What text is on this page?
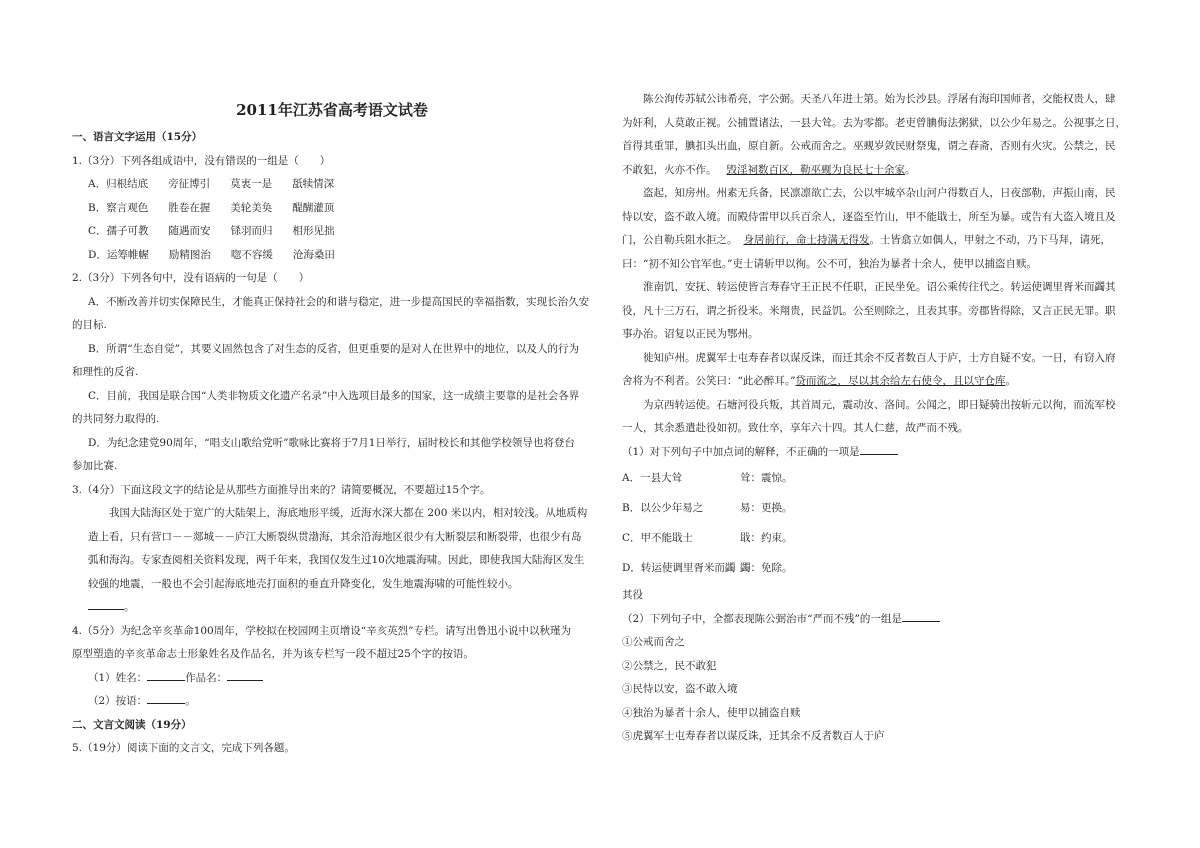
2011年江苏省高考语文试卷
一、语言文字运用（15分）
1.（3分）下列各组成语中，没有错误的一组是（　　）
A．归根结底 旁征博引 莫衷一是 舐犊情深
B．察言观色 胜卷在握 美轮美奂 醍醐灌顶
C．孺子可教 随遇而安 铩羽而归 相形见拙
D．运筹帷幄 励精图治 唿不容缓 沧海桑田
2.（3分）下列各句中，没有语病的一句是（　　）
A．不断改善并切实保障民生，才能真正保持社会的和谐与稳定，进一步提高国民的幸福指数，实现长治久安
的目标.
B．所谓“生态自觉”，其要义固然包含了对生态的反省，但更重要的是对人在世界中的地位，以及人的行为
和理性的反省.
C．目前，我国是联合国“人类非物质文化遗产名录”中入选项目最多的国家，这一成绩主要靠的是社会各界
的共同努力取得的.
D．为纪念建党90周年，“唱支山歌给党听”歌咏比赛将于7月1日举行，届时校长和其他学校领导也将登台
参加比赛.
3.（4分）下面这段文字的结论是从那些方面推导出来的？请简要概况，不要超过15个字。
我国大陆海区处于宽广的大陆架上，海底地形平缓，近海水深大都在 200 米以内，相对较浅。从地质构
造上看，只有营口－－郯城－－庐江大断裂纵贯渤海，其余沿海地区很少有大断裂层和断裂带，也很少有岛
弧和海沟。专家查阅相关资料发现，两千年来，我国仅发生过10次地震海啸。因此，即使我国大陆海区发生
较强的地震，一般也不会引起海底地壳打面积的垂直升降变化，发生地震海啸的可能性较小。
。
4.（5分）为纪念辛亥革命100周年，学校拟在校园网主页增设“辛亥英烈”专栏。请写出鲁迅小说中以秋瑾为
原型塑造的辛亥革命志士形象姓名及作品名，并为该专栏写一段不超过25个字的按语。
（1）姓名：	作品名：
（2）按语：	。
二、文言文阅读（19分）
5.（19分）阅读下面的文言文，完成下列各题。
陈公洵传苏轼公讳希亮，字公弼。天圣八年进士第。始为长沙县。浮屠有海印国师者，交能权贵人，肆
为奸利，人莫敢正视。公捕置诸法，一县大耸。去为零都。老吏曾腆侮法粥狱，以公少年易之。公视事之日，
首得其重罪，腆扣头出血，原自新。公戒而舍之。巫觋岁敛民财祭鬼，谓之春斋，否则有火灾。公禁之，民
不敢犯，火亦不作。 毁淫祠数百区，勒巫觋为良民七十余家。
盗起，知房州。州素无兵备，民凛凛欲亡去，公以牢城卒杂山河户得数百人，日夜部勒，声振山南，民
恃以安，盗不敢入境。而殿侍雷甲以兵百余人，逐盗至竹山，甲不能戢士，所至为暴。或告有大盗入境且及
门，公自勒兵阻水拒之。 身居前行，命士持满无得发。士皆翕立如偶人，甲射之不动，乃下马拜，请死，
曰：“初不知公官军也。”吏士请斩甲以徇。公不可，独治为暴者十余人，使甲以捕盗自赎。
淮南饥，安抚、转运使皆言寿春守王正民不任职，正民坐免。诏公乘传往代之。转运使调里胥米而蠲其
役，凡十三万石，谓之折役米。米翔贵，民益饥。公至则除之，且表其事。旁郡皆得除，又言正民无罪。职
事办治。诏复以正民为鄂州。
徙知庐州。虎翼军士屯寿春者以谋反诛，而迁其余不反者数百人于庐，士方自疑不安。一日，有窃入府
舍将为不利者。公笑曰：“此必醉耳。”贷而流之，尽以其余给左右使令，且以守仓库。
为京西转运使。石塘河役兵叛，其首周元，震动汝、洛间。公闻之，即日疑骑出按斩元以徇，而流军校
一人，其余悉遣赴役如初。致仕卒，享年六十四。其人仁慈，故严而不残。
（1）对下列句子中加点词的解释，不正确的一项是
A．一县大耸	耸：震惊。
B．以公少年易之	易：更换。
C．甲不能戢士	戢：约束。
D．转运使调里胥米而蠲 蠲：免除。
其役
（2）下列句子中，全都表现陈公弼治市“严而不残”的一组是
①公戒而舍之
②公禁之，民不敢犯
③民恃以安，盗不敢入境
④独治为暴者十余人，使甲以捕盗自赎
⑤虎翼军士屯寿春者以谋反诛，迁其余不反者数百人于庐
